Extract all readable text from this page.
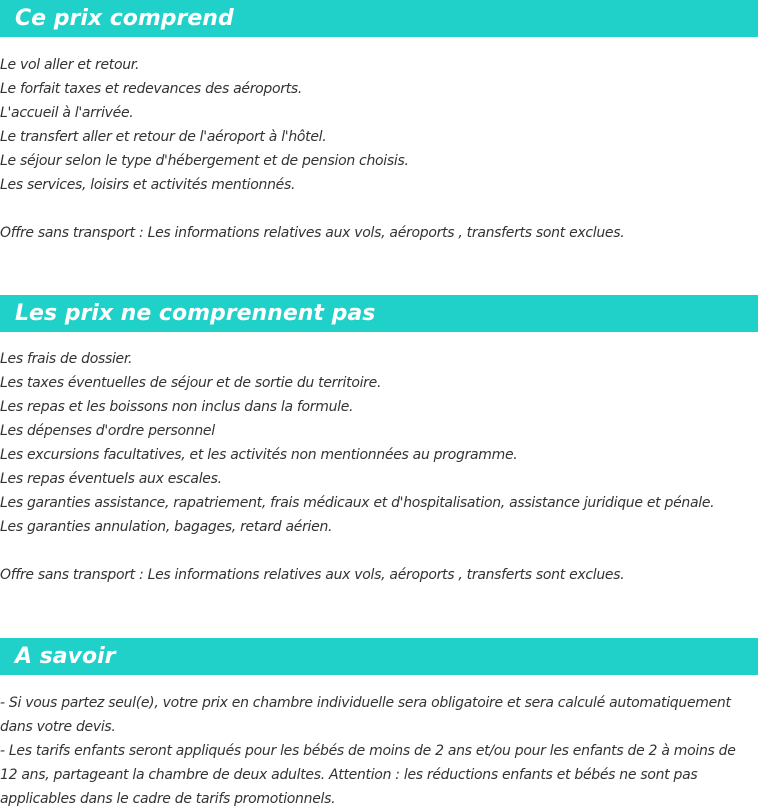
Ce prix comprend
Le vol aller et retour.
Le forfait taxes et redevances des aéroports.
L'accueil à l'arrivée.
Le transfert aller et retour de l'aéroport à l'hôtel.
Le séjour selon le type d'hébergement et de pension choisis.
Les services, loisirs et activités mentionnés.
Offre sans transport : Les informations relatives aux vols, aéroports , transferts sont exclues.
Les prix ne comprennent pas
Les frais de dossier.
Les taxes éventuelles de séjour et de sortie du territoire.
Les repas et les boissons non inclus dans la formule.
Les dépenses d'ordre personnel
Les excursions facultatives, et les activités non mentionnées au programme.
Les repas éventuels aux escales.
Les garanties assistance, rapatriement, frais médicaux et d'hospitalisation, assistance juridique et pénale.
Les garanties annulation, bagages, retard aérien.
Offre sans transport : Les informations relatives aux vols, aéroports , transferts sont exclues.
A savoir
- Si vous partez seul(e), votre prix en chambre individuelle sera obligatoire et sera calculé automatiquement dans votre devis.
- Les tarifs enfants seront appliqués pour les bébés de moins de 2 ans et/ou pour les enfants de 2 à moins de 12 ans, partageant la chambre de deux adultes. Attention : les réductions enfants et bébés ne sont pas applicables dans le cadre de tarifs promotionnels.
